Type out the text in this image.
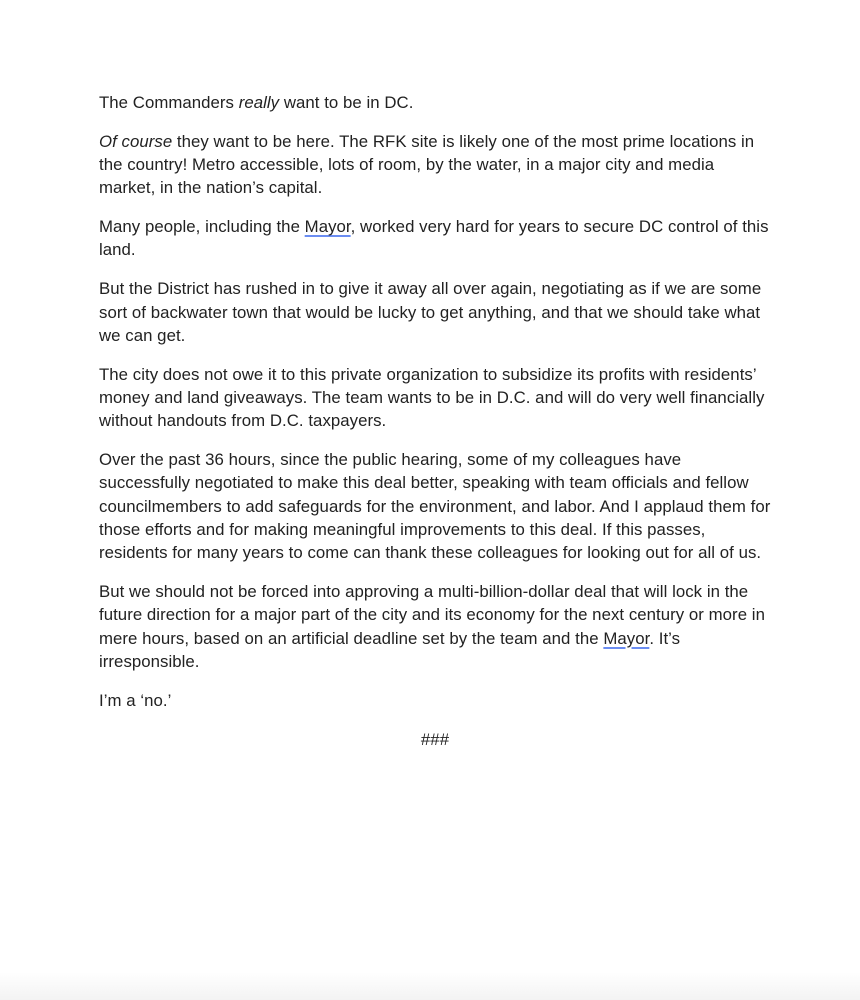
The Commanders really want to be in DC.

Of course they want to be here. The RFK site is likely one of the most prime locations in the country! Metro accessible, lots of room, by the water, in a major city and media market, in the nation’s capital.

Many people, including the Mayor, worked very hard for years to secure DC control of this land.

But the District has rushed in to give it away all over again, negotiating as if we are some sort of backwater town that would be lucky to get anything, and that we should take what we can get.

The city does not owe it to this private organization to subsidize its profits with residents’ money and land giveaways. The team wants to be in D.C. and will do very well financially without handouts from D.C. taxpayers.

Over the past 36 hours, since the public hearing, some of my colleagues have successfully negotiated to make this deal better, speaking with team officials and fellow councilmembers to add safeguards for the environment, and labor. And I applaud them for those efforts and for making meaningful improvements to this deal. If this passes, residents for many years to come can thank these colleagues for looking out for all of us.

But we should not be forced into approving a multi-billion-dollar deal that will lock in the future direction for a major part of the city and its economy for the next century or more in mere hours, based on an artificial deadline set by the team and the Mayor. It’s irresponsible.

I’m a ‘no.’

###
